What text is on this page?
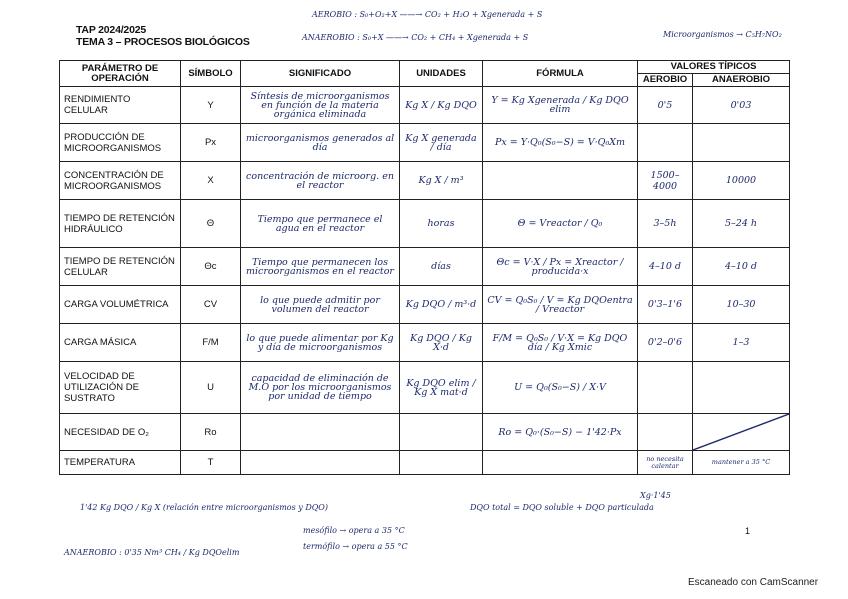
TAP 2024/2025
TEMA 3 – PROCESOS BIOLÓGICOS
AEROBIO : S₀+O₂+X ——→ CO₂ + H₂O + Xgenerada + S
ANAEROBIO : S₀+X ——→ CO₂ + CH₄ + Xgenerada + S	Microorganismos → C₅H₇NO₂
PARÁMETRO DE OPERACIÓN	SÍMBOLO	SIGNIFICADO	UNIDADES	FÓRMULA	VALORES TÍPICOS	
					AEROBIO	ANAEROBIO
RENDIMIENTO CELULAR	Y	Síntesis de microorganismos en función de la materia orgánica eliminada	Kg X / Kg DQO	Y = Kg Xgenerada / Kg DQO elim	0'5	0'03
PRODUCCIÓN DE MICROORGANISMOS	Px	microorganismos generados al día	Kg X generada / día	Px = Y·Q₀(S₀−S) = V·Q₀Xm		
CONCENTRACIÓN DE MICROORGANISMOS	X	concentración de microorg. en el reactor	Kg X / m³		1500–4000	10000
TIEMPO DE RETENCIÓN HIDRÁULICO	Θ	Tiempo que permanece el agua en el reactor	horas	Θ = Vreactor / Q₀	3–5h	5–24 h
TIEMPO DE RETENCIÓN CELULAR	Θc	Tiempo que permanecen los microorganismos en el reactor	días	Θc = V·X / Px = Xreactor / producida·x	4–10 d	4–10 d
CARGA VOLUMÉTRICA	CV	lo que puede admitir por volumen del reactor	Kg DQO / m³·d	CV = Q₀S₀ / V = Kg DQOentra / Vreactor	0'3–1'6	10–30
CARGA MÁSICA	F/M	lo que puede alimentar por Kg y día de microorganismos	Kg DQO / Kg X·d	F/M = Q₀S₀ / V·X = Kg DQO día / Kg Xmic	0'2–0'6	1–3
VELOCIDAD DE UTILIZACIÓN DE SUSTRATO	U	capacidad de eliminación de M.O por los microorganismos por unidad de tiempo	Kg DQO elim / Kg X mat·d	U = Q₀(S₀−S) / X·V		
NECESIDAD DE O₂	Ro			Ro = Q₀·(S₀−S) − 1'42·Px		

TEMPERATURA	T				no necesita calentar	mantener a 35 °C
1'42 Kg DQO / Kg X (relación entre microorganismos y DQO)
ANAEROBIO : 0'35 Nm³ CH₄ / Kg DQOelim
mesófilo → opera a 35 °C
termófilo → opera a 55 °C
DQO total = DQO soluble + DQO particulada
Xg·1'45
1
Escaneado con CamScanner
